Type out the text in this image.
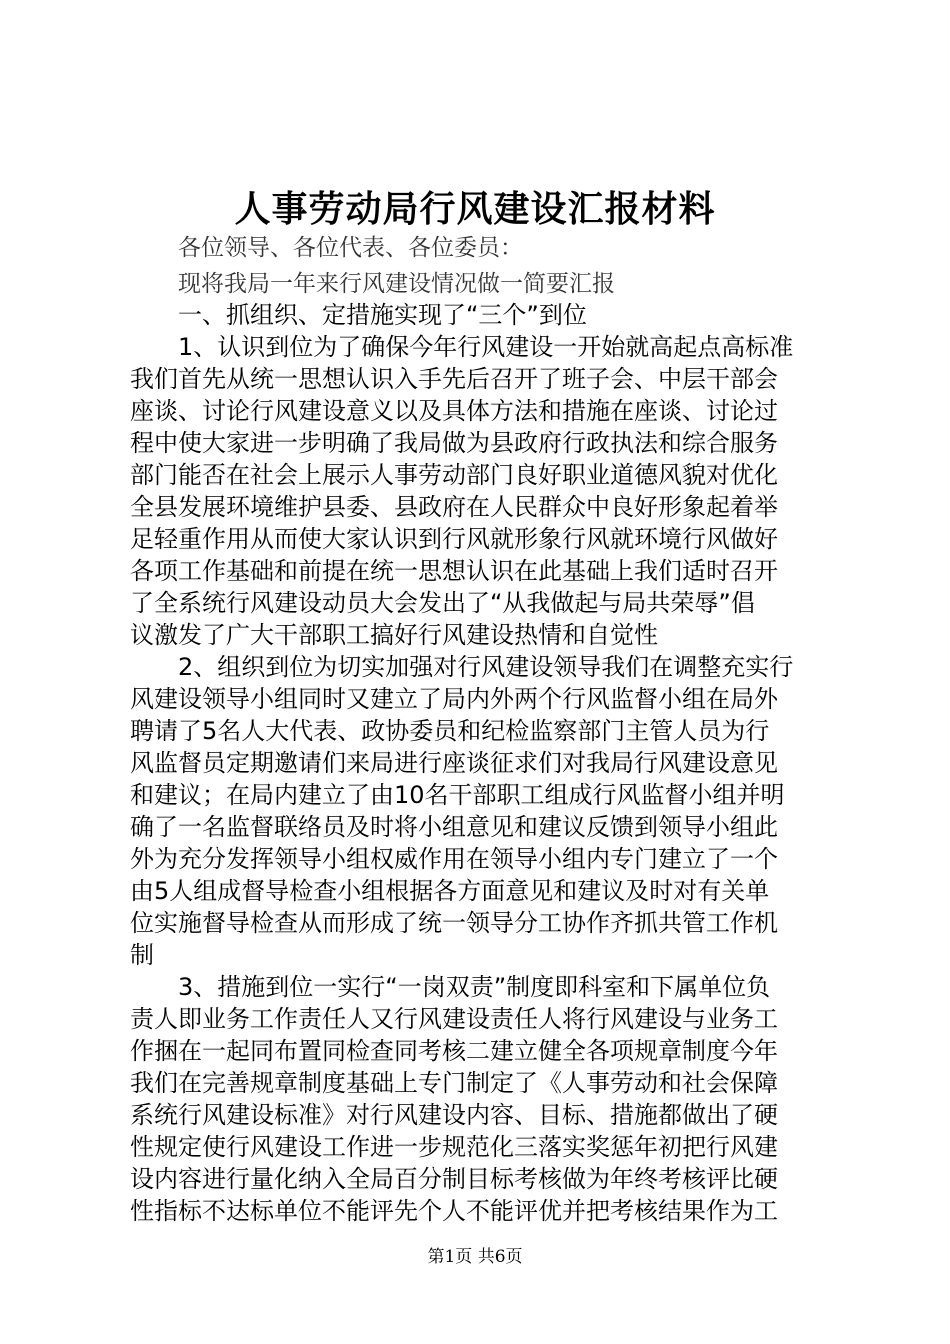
人事劳动局行风建设汇报材料
各位领导、各位代表、各位委员：
现将我局一年来行风建设情况做一简要汇报
一、抓组织、定措施实现了“三个”到位
1、认识到位为了确保今年行风建设一开始就高起点高标准
我们首先从统一思想认识入手先后召开了班子会、中层干部会
座谈、讨论行风建设意义以及具体方法和措施在座谈、讨论过
程中使大家进一步明确了我局做为县政府行政执法和综合服务
部门能否在社会上展示人事劳动部门良好职业道德风貌对优化
全县发展环境维护县委、县政府在人民群众中良好形象起着举
足轻重作用从而使大家认识到行风就形象行风就环境行风做好
各项工作基础和前提在统一思想认识在此基础上我们适时召开
了全系统行风建设动员大会发出了“从我做起与局共荣辱”倡
议激发了广大干部职工搞好行风建设热情和自觉性
2、组织到位为切实加强对行风建设领导我们在调整充实行
风建设领导小组同时又建立了局内外两个行风监督小组在局外
聘请了5名人大代表、政协委员和纪检监察部门主管人员为行
风监督员定期邀请们来局进行座谈征求们对我局行风建设意见
和建议；在局内建立了由10名干部职工组成行风监督小组并明
确了一名监督联络员及时将小组意见和建议反馈到领导小组此
外为充分发挥领导小组权威作用在领导小组内专门建立了一个
由5人组成督导检查小组根据各方面意见和建议及时对有关单
位实施督导检查从而形成了统一领导分工协作齐抓共管工作机
制
3、措施到位一实行“一岗双责”制度即科室和下属单位负
责人即业务工作责任人又行风建设责任人将行风建设与业务工
作捆在一起同布置同检查同考核二建立健全各项规章制度今年
我们在完善规章制度基础上专门制定了《人事劳动和社会保障
系统行风建设标准》对行风建设内容、目标、措施都做出了硬
性规定使行风建设工作进一步规范化三落实奖惩年初把行风建
设内容进行量化纳入全局百分制目标考核做为年终考核评比硬
性指标不达标单位不能评先个人不能评优并把考核结果作为工
第1页 共6页
